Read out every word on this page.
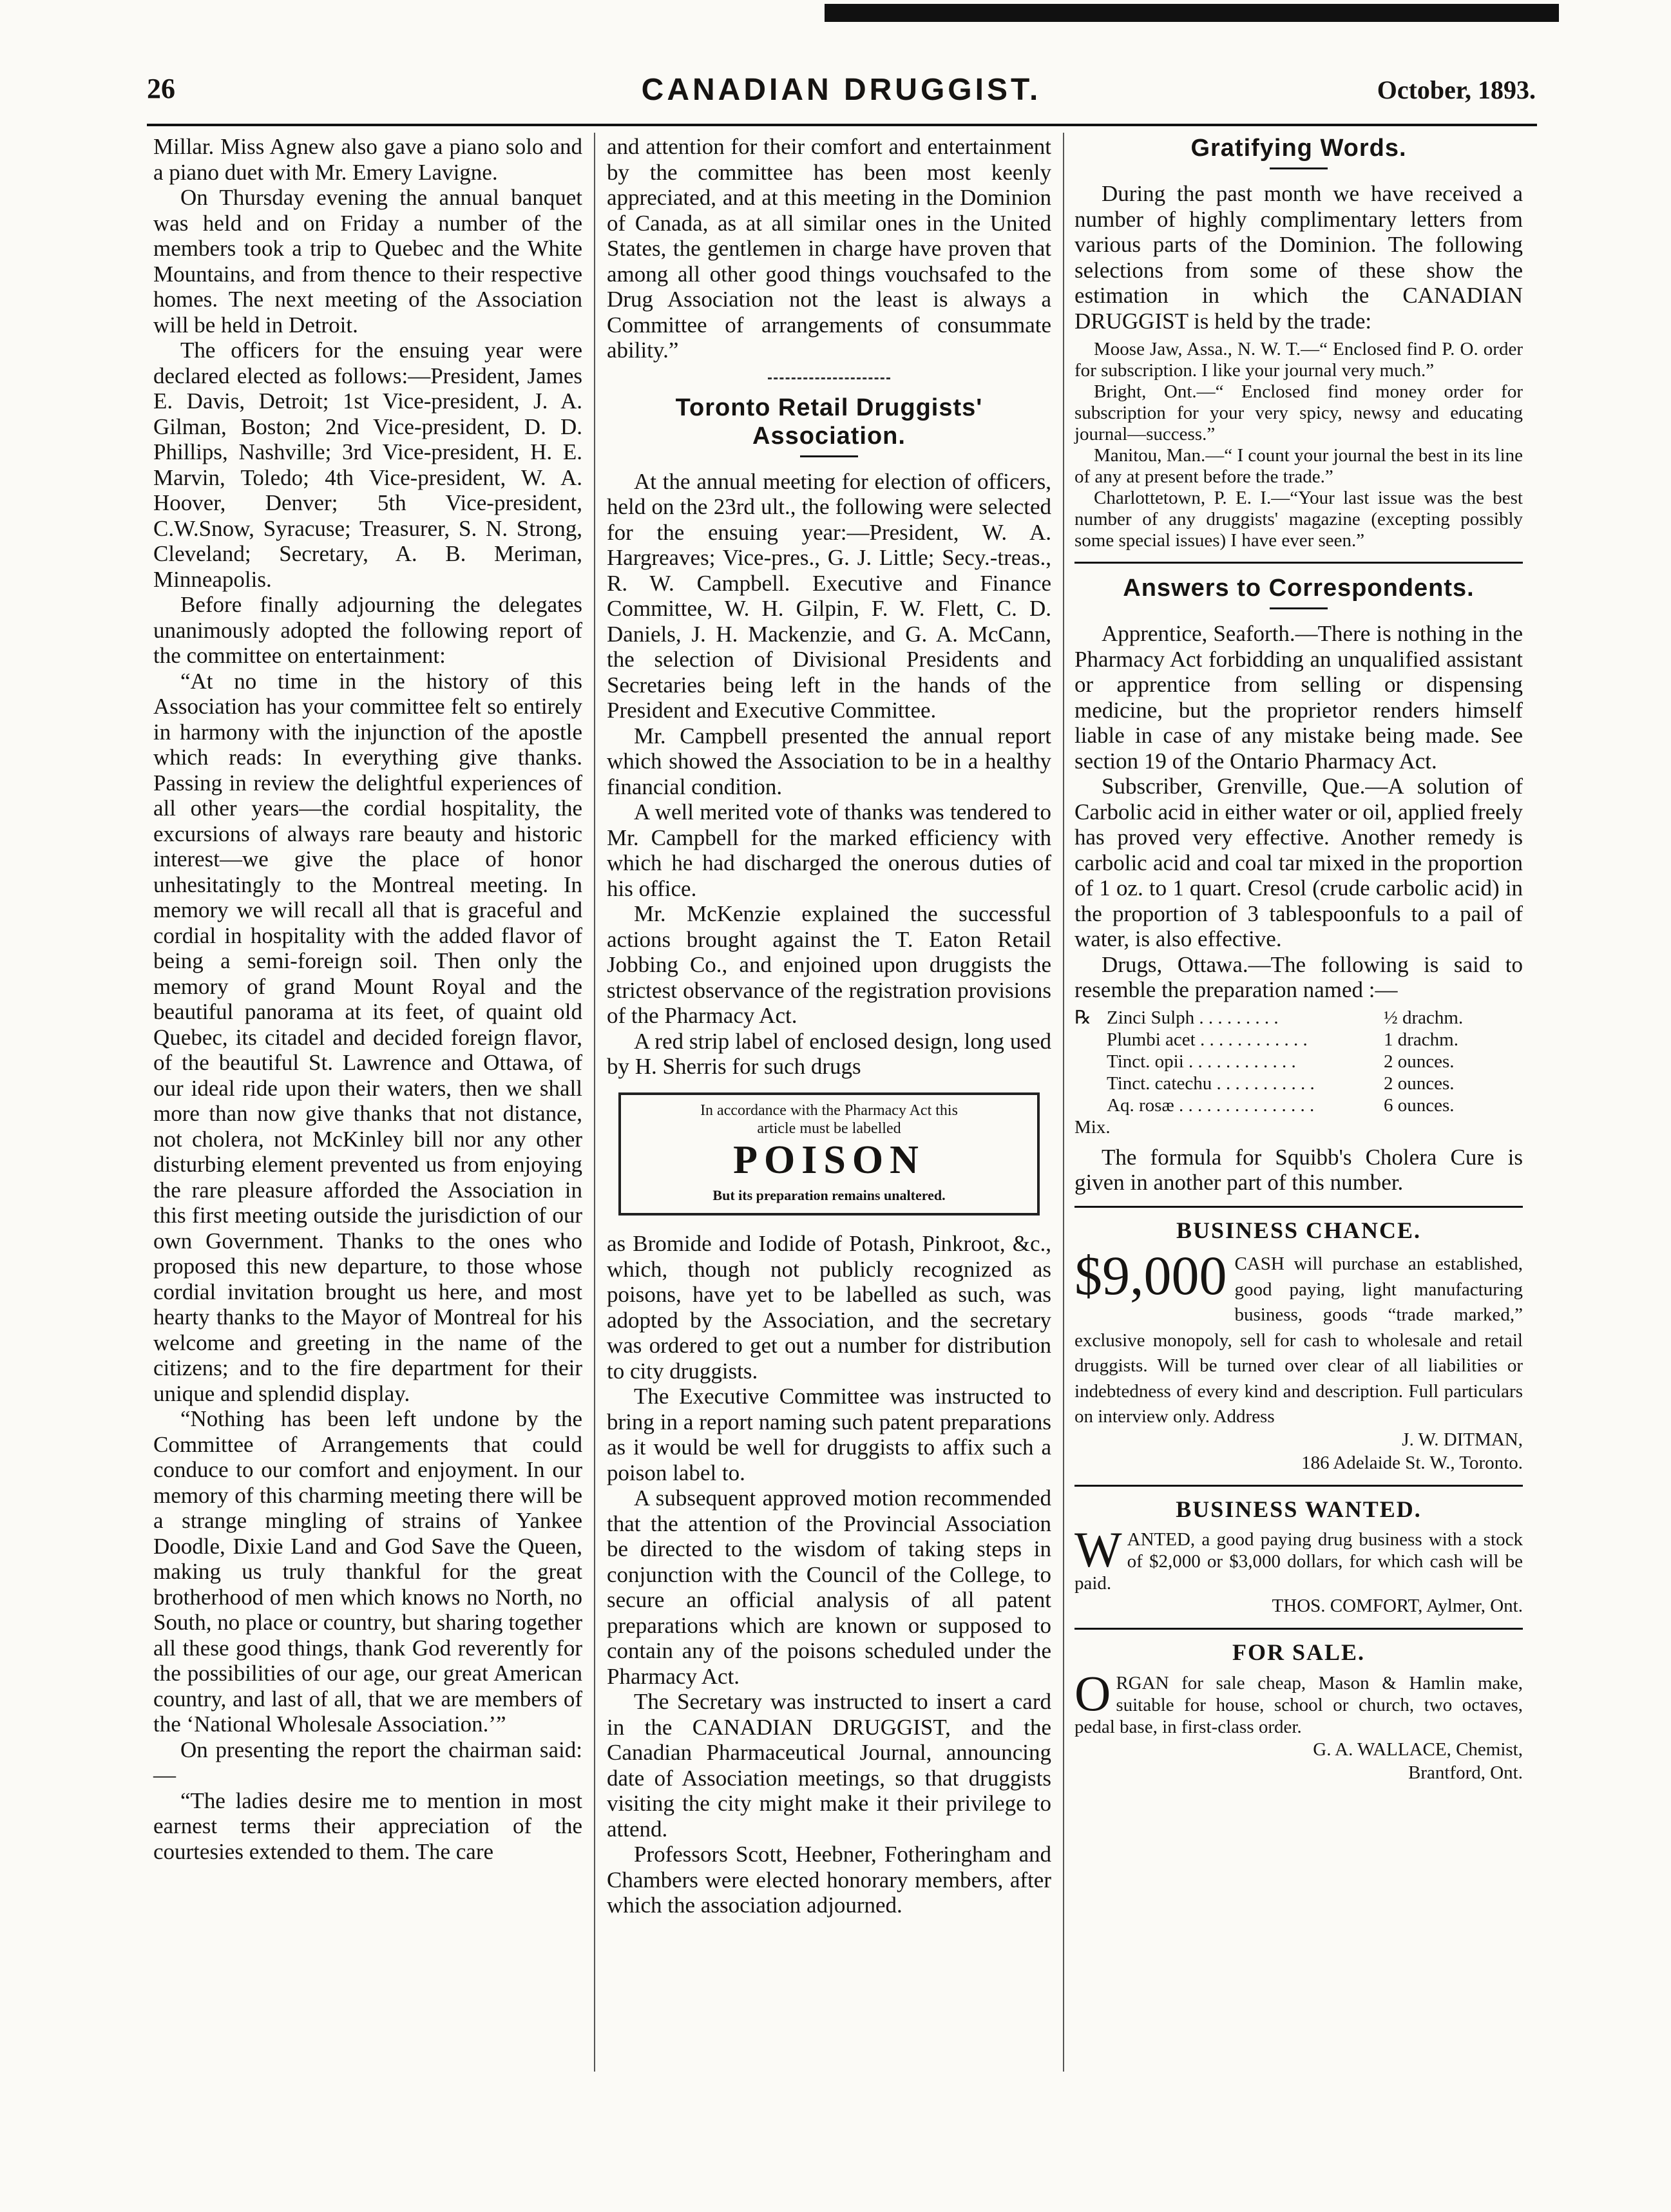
26	CANADIAN DRUGGIST.	October, 1893.

Millar. Miss Agnew also gave a piano solo and a piano duet with Mr. Emery Lavigne.

On Thursday evening the annual banquet was held and on Friday a number of the members took a trip to Quebec and the White Mountains, and from thence to their respective homes. The next meeting of the Association will be held in Detroit.

The officers for the ensuing year were declared elected as follows:—President, James E. Davis, Detroit; 1st Vice-president, J. A. Gilman, Boston; 2nd Vice-president, D. D. Phillips, Nashville; 3rd Vice-president, H. E. Marvin, Toledo; 4th Vice-president, W. A. Hoover, Denver; 5th Vice-president, C.W.Snow, Syracuse; Treasurer, S. N. Strong, Cleveland; Secretary, A. B. Meriman, Minneapolis.

Before finally adjourning the delegates unanimously adopted the following report of the committee on entertainment:

“At no time in the history of this Association has your committee felt so entirely in harmony with the injunction of the apostle which reads: In everything give thanks. Passing in review the delightful experiences of all other years—the cordial hospitality, the excursions of always rare beauty and historic interest—we give the place of honor unhesitatingly to the Montreal meeting. In memory we will recall all that is graceful and cordial in hospitality with the added flavor of being a semi-foreign soil. Then only the memory of grand Mount Royal and the beautiful panorama at its feet, of quaint old Quebec, its citadel and decided foreign flavor, of the beautiful St. Lawrence and Ottawa, of our ideal ride upon their waters, then we shall more than now give thanks that not distance, not cholera, not McKinley bill nor any other disturbing element prevented us from enjoying the rare pleasure afforded the Association in this first meeting outside the jurisdiction of our own Government. Thanks to the ones who proposed this new departure, to those whose cordial invitation brought us here, and most hearty thanks to the Mayor of Montreal for his welcome and greeting in the name of the citizens; and to the fire department for their unique and splendid display.

“Nothing has been left undone by the Committee of Arrangements that could conduce to our comfort and enjoyment. In our memory of this charming meeting there will be a strange mingling of strains of Yankee Doodle, Dixie Land and God Save the Queen, making us truly thankful for the great brotherhood of men which knows no North, no South, no place or country, but sharing together all these good things, thank God reverently for the possibilities of our age, our great American country, and last of all, that we are members of the ‘National Wholesale Association.’”

On presenting the report the chairman said:—

“The ladies desire me to mention in most earnest terms their appreciation of the courtesies extended to them. The care

and attention for their comfort and entertainment by the committee has been most keenly appreciated, and at this meeting in the Dominion of Canada, as at all similar ones in the United States, the gentlemen in charge have proven that among all other good things vouchsafed to the Drug Association not the least is always a Committee of arrangements of consummate ability.”

Toronto Retail Druggists' Association.

At the annual meeting for election of officers, held on the 23rd ult., the following were selected for the ensuing year:—President, W. A. Hargreaves; Vice-pres., G. J. Little; Secy.-treas., R. W. Campbell. Executive and Finance Committee, W. H. Gilpin, F. W. Flett, C. D. Daniels, J. H. Mackenzie, and G. A. McCann, the selection of Divisional Presidents and Secretaries being left in the hands of the President and Executive Committee.

Mr. Campbell presented the annual report which showed the Association to be in a healthy financial condition.

A well merited vote of thanks was tendered to Mr. Campbell for the marked efficiency with which he had discharged the onerous duties of his office.

Mr. McKenzie explained the successful actions brought against the T. Eaton Retail Jobbing Co., and enjoined upon druggists the strictest observance of the registration provisions of the Pharmacy Act.

A red strip label of enclosed design, long used by H. Sherris for such drugs

In accordance with the Pharmacy Act this
article must be labelled
POISON
But its preparation remains unaltered.

as Bromide and Iodide of Potash, Pinkroot, &c., which, though not publicly recognized as poisons, have yet to be labelled as such, was adopted by the Association, and the secretary was ordered to get out a number for distribution to city druggists.

The Executive Committee was instructed to bring in a report naming such patent preparations as it would be well for druggists to affix such a poison label to.

A subsequent approved motion recommended that the attention of the Provincial Association be directed to the wisdom of taking steps in conjunction with the Council of the College, to secure an official analysis of all patent preparations which are known or supposed to contain any of the poisons scheduled under the Pharmacy Act.

The Secretary was instructed to insert a card in the CANADIAN DRUGGIST, and the Canadian Pharmaceutical Journal, announcing date of Association meetings, so that druggists visiting the city might make it their privilege to attend.

Professors Scott, Heebner, Fotheringham and Chambers were elected honorary members, after which the association adjourned.

Gratifying Words.

During the past month we have received a number of highly complimentary letters from various parts of the Dominion. The following selections from some of these show the estimation in which the CANADIAN DRUGGIST is held by the trade:

Moose Jaw, Assa., N. W. T.—“ Enclosed find P. O. order for subscription. I like your journal very much.”

Bright, Ont.—“ Enclosed find money order for subscription for your very spicy, newsy and educating journal—success.”

Manitou, Man.—“ I count your journal the best in its line of any at present before the trade.”

Charlottetown, P. E. I.—“Your last issue was the best number of any druggists' magazine (excepting possibly some special issues) I have ever seen.”

Answers to Correspondents.

Apprentice, Seaforth.—There is nothing in the Pharmacy Act forbidding an unqualified assistant or apprentice from selling or dispensing medicine, but the proprietor renders himself liable in case of any mistake being made. See section 19 of the Ontario Pharmacy Act.

Subscriber, Grenville, Que.—A solution of Carbolic acid in either water or oil, applied freely has proved very effective. Another remedy is carbolic acid and coal tar mixed in the proportion of 1 oz. to 1 quart. Cresol (crude carbolic acid) in the proportion of 3 tablespoonfuls to a pail of water, is also effective.

Drugs, Ottawa.—The following is said to resemble the preparation named :—

℞ Zinci Sulph . . . . . . . . .	½ drachm.
Plumbi acet . . . . . . . . . . . .	1 drachm.
Tinct. opii . . . . . . . . . . . .	2 ounces.
Tinct. catechu . . . . . . . . . . .	2 ounces.
Aq. rosæ . . . . . . . . . . . . . . .	6 ounces.
Mix.

The formula for Squibb's Cholera Cure is given in another part of this number.

BUSINESS CHANCE.
$9,000 CASH will purchase an established, good paying, light manufacturing business, goods “trade marked,” exclusive monopoly, sell for cash to wholesale and retail druggists. Will be turned over clear of all liabilities or indebtedness of every kind and description. Full particulars on interview only. Address
J. W. DITMAN,
186 Adelaide St. W., Toronto.
BUSINESS WANTED.
W ANTED, a good paying drug business with a stock of $2,000 or $3,000 dollars, for which cash will be paid.
THOS. COMFORT, Aylmer, Ont.
FOR SALE.
O RGAN for sale cheap, Mason & Hamlin make, suitable for house, school or church, two octaves, pedal base, in first-class order.
G. A. WALLACE, Chemist,
Brantford, Ont.
